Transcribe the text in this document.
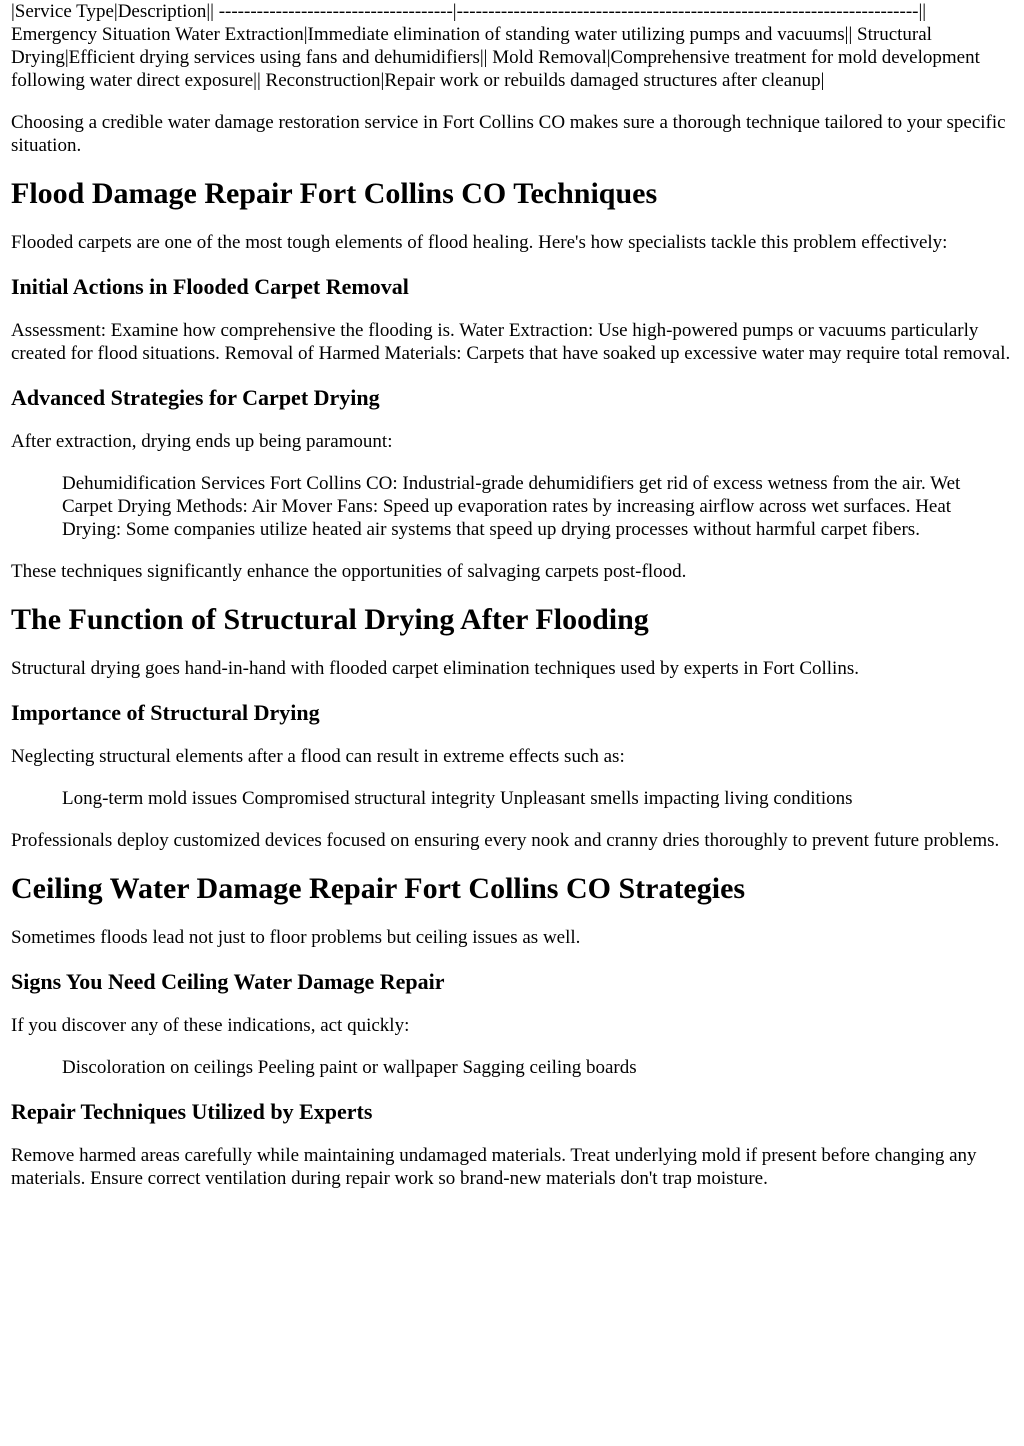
|Service Type|Description|| -------------------------------------|-------------------------------------------------------------------------|| Emergency Situation Water Extraction|Immediate elimination of standing water utilizing pumps and vacuums|| Structural Drying|Efficient drying services using fans and dehumidifiers|| Mold Removal|Comprehensive treatment for mold development following water direct exposure|| Reconstruction|Repair work or rebuilds damaged structures after cleanup|

Choosing a credible water damage restoration service in Fort Collins CO makes sure a thorough technique tailored to your specific situation.

Flood Damage Repair Fort Collins CO Techniques

Flooded carpets are one of the most tough elements of flood healing. Here's how specialists tackle this problem effectively:

Initial Actions in Flooded Carpet Removal

Assessment: Examine how comprehensive the flooding is. Water Extraction: Use high-powered pumps or vacuums particularly created for flood situations. Removal of Harmed Materials: Carpets that have soaked up excessive water may require total removal.

Advanced Strategies for Carpet Drying

After extraction, drying ends up being paramount:

Dehumidification Services Fort Collins CO: Industrial-grade dehumidifiers get rid of excess wetness from the air. Wet Carpet Drying Methods: Air Mover Fans: Speed up evaporation rates by increasing airflow across wet surfaces. Heat Drying: Some companies utilize heated air systems that speed up drying processes without harmful carpet fibers.

These techniques significantly enhance the opportunities of salvaging carpets post-flood.

The Function of Structural Drying After Flooding

Structural drying goes hand-in-hand with flooded carpet elimination techniques used by experts in Fort Collins.

Importance of Structural Drying

Neglecting structural elements after a flood can result in extreme effects such as:

Long-term mold issues Compromised structural integrity Unpleasant smells impacting living conditions

Professionals deploy customized devices focused on ensuring every nook and cranny dries thoroughly to prevent future problems.

Ceiling Water Damage Repair Fort Collins CO Strategies

Sometimes floods lead not just to floor problems but ceiling issues as well.

Signs You Need Ceiling Water Damage Repair

If you discover any of these indications, act quickly:

Discoloration on ceilings Peeling paint or wallpaper Sagging ceiling boards

Repair Techniques Utilized by Experts

Remove harmed areas carefully while maintaining undamaged materials. Treat underlying mold if present before changing any materials. Ensure correct ventilation during repair work so brand-new materials don't trap moisture.
